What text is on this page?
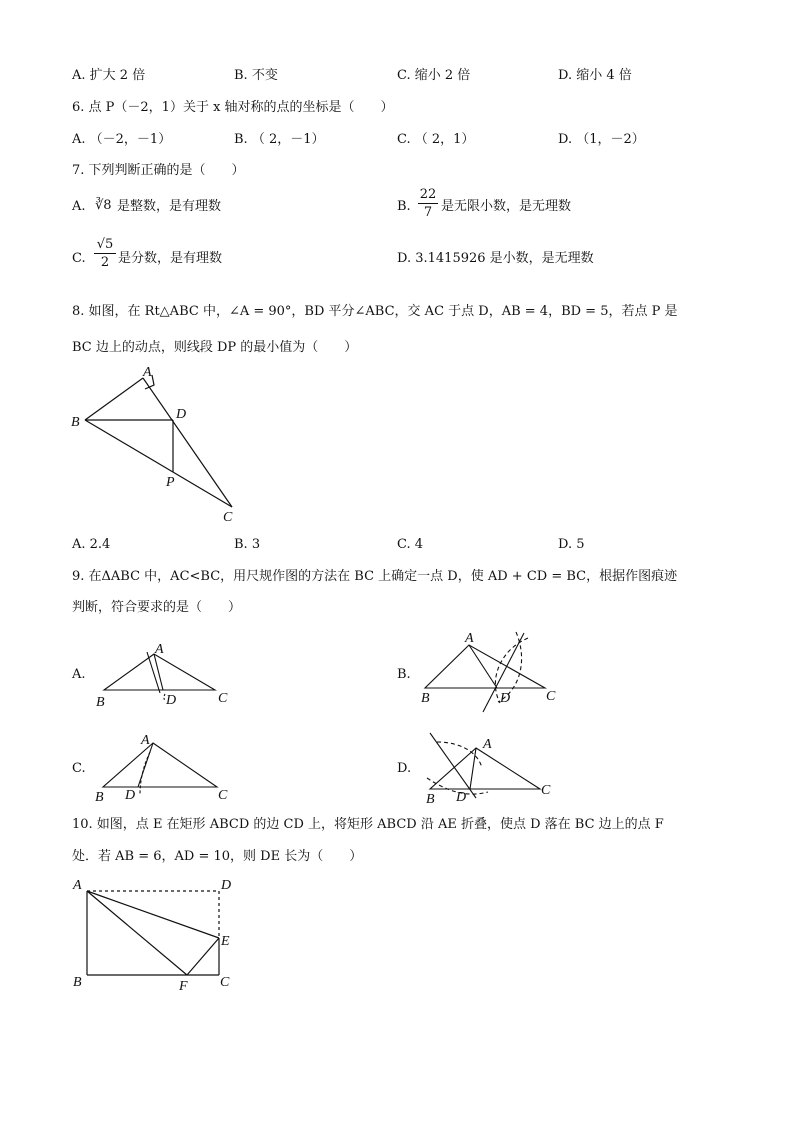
A. 扩大 2 倍	B. 不变	C. 缩小 2 倍	D. 缩小 4 倍
6. 点 P（－2，1）关于 x 轴对称的点的坐标是（　　）
A. （－2，－1）	B. （ 2，－1）	C. （ 2，1）	D. （1，－2）
7. 下列判断正确的是（　　）
A. ∛8 是整数，是有理数	B.
22
7 是无限小数，是无理数
C.
√5
2 是分数，是有理数	D. 3.1415926 是小数，是无理数
8. 如图，在 Rt△ABC 中，∠A = 90°，BD 平分∠ABC，交 AC 于点 D，AB = 4，BD = 5，若点 P 是
BC 边上的动点，则线段 DP 的最小值为（　　）
A
B
D
P
C
A. 2.4	B. 3	C. 4	D. 5
9. 在ΔABC 中，AC<BC，用尺规作图的方法在 BC 上确定一点 D，使 AD + CD = BC，根据作图痕迹
判断，符合要求的是（　　）
A.	B.
C.	D.
A
B	D	C
A
B	D	C
A
B D	C
A
B D	C
10. 如图，点 E 在矩形 ABCD 的边 CD 上，将矩形 ABCD 沿 AE 折叠，使点 D 落在 BC 边上的点 F
处．若 AB = 6，AD = 10，则 DE 长为（　　）
A	D
E
B	F C
